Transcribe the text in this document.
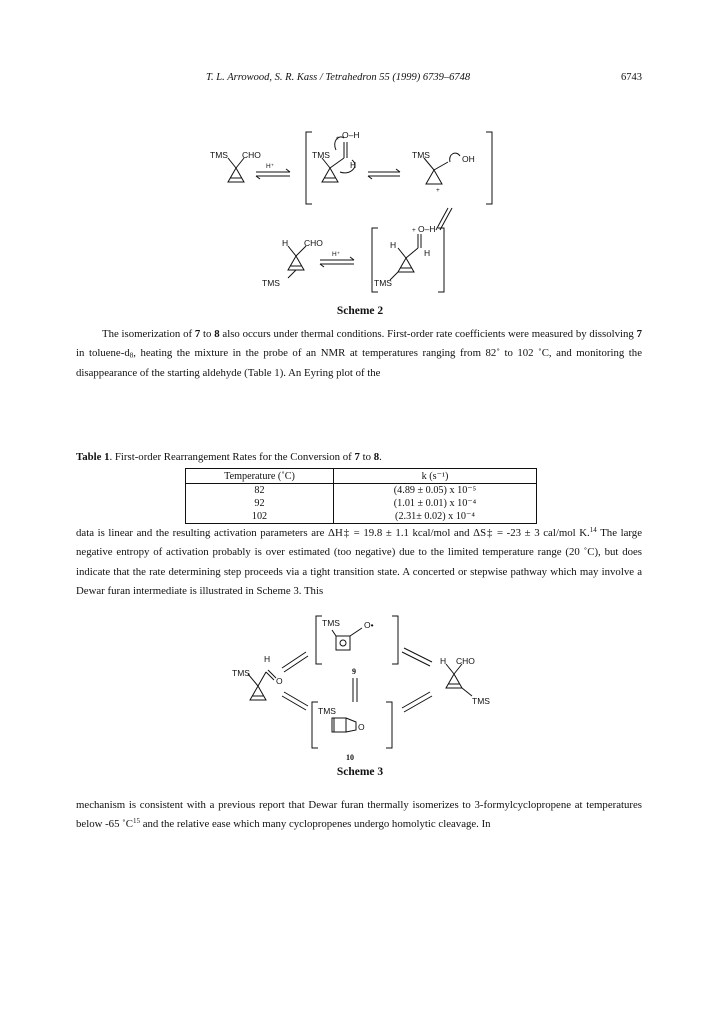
T. L. Arrowood, S. R. Kass / Tetrahedron 55 (1999) 6739–6748	6743
TMS CHO
H⁺
TMS
+ O–H
H
TMS	OH
+
H CHO
H⁺
TMS
H
+ O–H
H
TMS
Scheme 2

The isomerization of 7 to 8 also occurs under thermal conditions. First-order rate coefficients were measured by dissolving 7 in toluene-$d_8$, heating the mixture in the probe of an NMR at temperatures ranging from 82˚ to 102 ˚C, and monitoring the disappearance of the starting aldehyde (Table 1). An Eyring plot of the

Table 1. First-order Rearrangement Rates for the Conversion of 7 to 8.
Temperature (˚C)	k (s⁻¹)
82	(4.89 ± 0.05) x 10⁻⁵
92	(1.01 ± 0.01) x 10⁻⁴
102	(2.31± 0.02) x 10⁻⁴

data is linear and the resulting activation parameters are ΔH‡ = 19.8 ± 1.1 kcal/mol and ΔS‡ = -23 ± 3 cal/mol K.$^{14}$ The large negative entropy of activation probably is over estimated (too negative) due to the limited temperature range (20 ˚C), but does indicate that the rate determining step proceeds via a tight transition state. A concerted or stepwise pathway which may involve a Dewar furan intermediate is illustrated in Scheme 3. This

TMS	O•
9
TMS
H
O
H CHO
TMS
TMS
O
10
Scheme 3

mechanism is consistent with a previous report that Dewar furan thermally isomerizes to 3-formylcyclopropene at temperatures below -65 $˚C^{15}$ and the relative ease which many cyclopropenes undergo homolytic cleavage. In
